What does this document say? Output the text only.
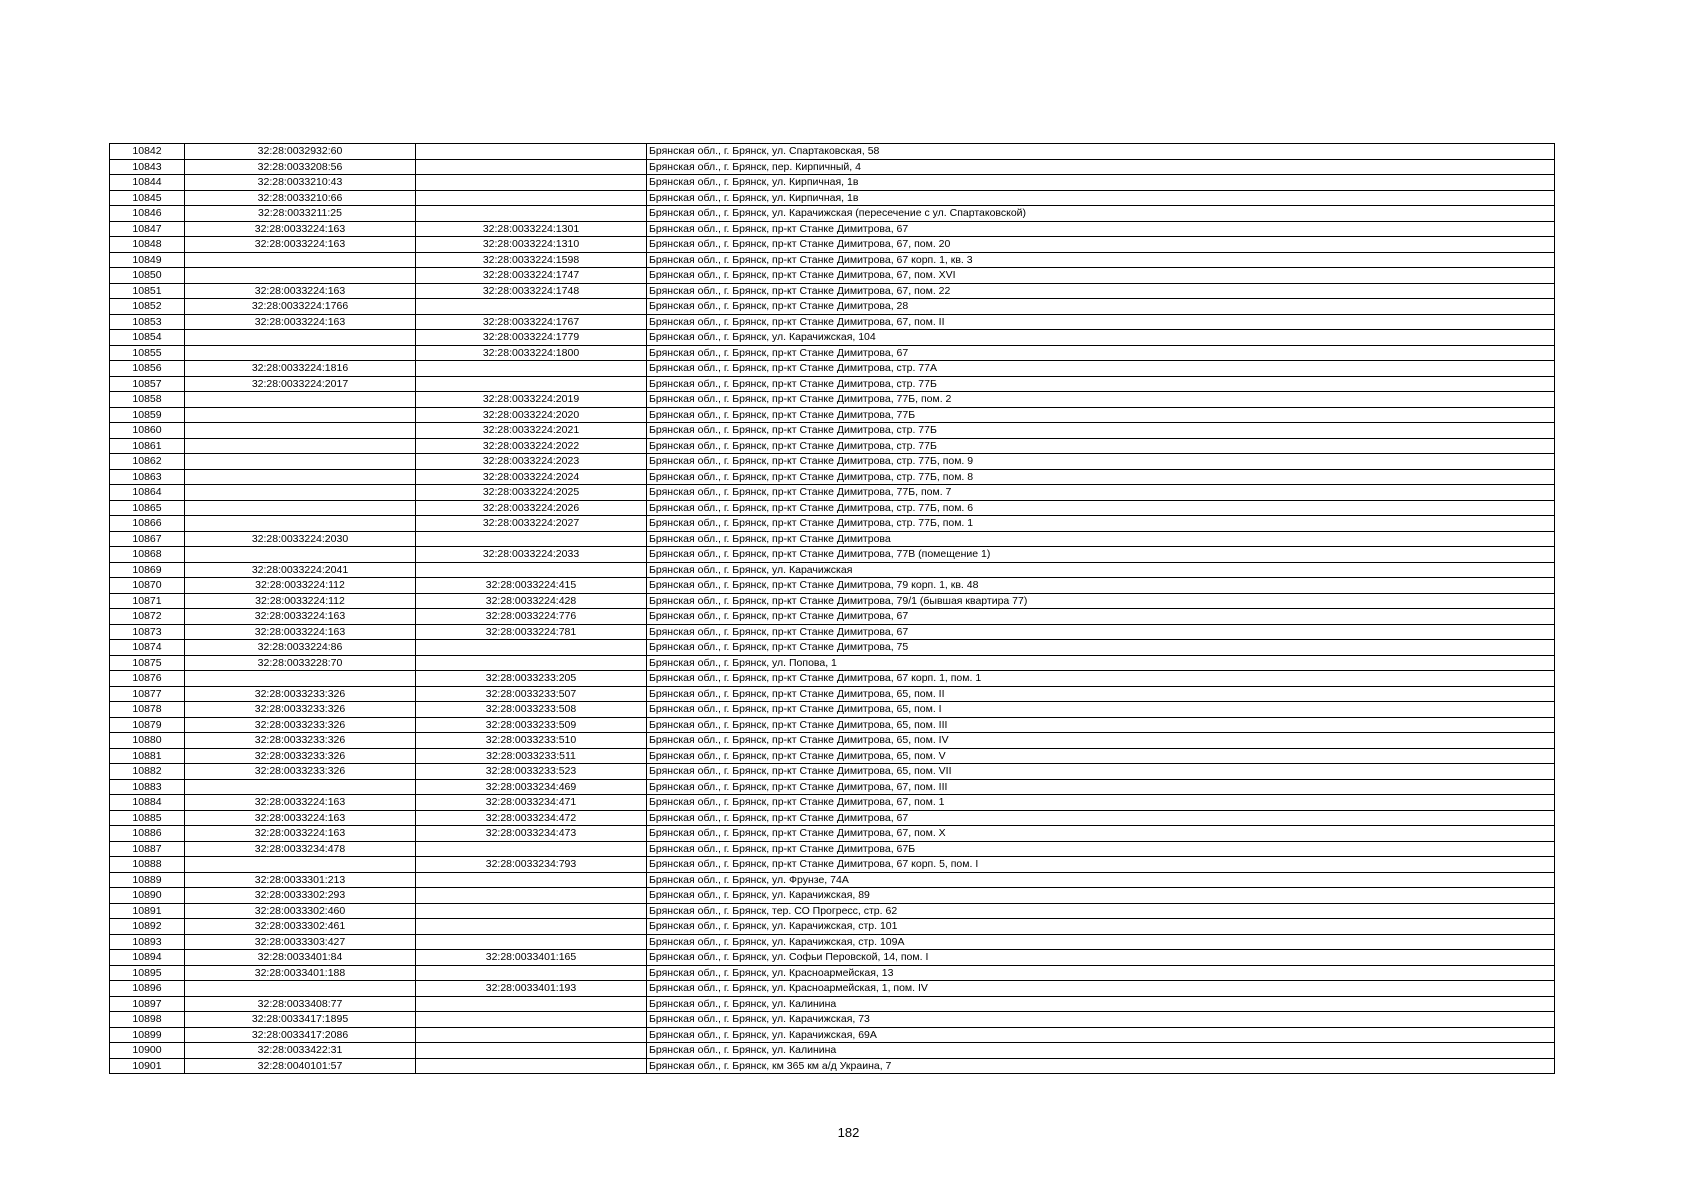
10842	32:28:0032932:60		Брянская обл., г. Брянск, ул. Спартаковская, 58
10843	32:28:0033208:56		Брянская обл., г. Брянск, пер. Кирпичный, 4
10844	32:28:0033210:43		Брянская обл., г. Брянск, ул. Кирпичная, 1в
10845	32:28:0033210:66		Брянская обл., г. Брянск, ул. Кирпичная, 1в
10846	32:28:0033211:25		Брянская обл., г. Брянск, ул. Карачижская (пересечение с ул. Спартаковской)
10847	32:28:0033224:163	32:28:0033224:1301	Брянская обл., г. Брянск, пр-кт Станке Димитрова, 67
10848	32:28:0033224:163	32:28:0033224:1310	Брянская обл., г. Брянск, пр-кт Станке Димитрова, 67, пом. 20
10849		32:28:0033224:1598	Брянская обл., г. Брянск, пр-кт Станке Димитрова, 67 корп. 1, кв. 3
10850		32:28:0033224:1747	Брянская обл., г. Брянск, пр-кт Станке Димитрова, 67, пом. XVI
10851	32:28:0033224:163	32:28:0033224:1748	Брянская обл., г. Брянск, пр-кт Станке Димитрова, 67, пом. 22
10852	32:28:0033224:1766		Брянская обл., г. Брянск, пр-кт Станке Димитрова, 28
10853	32:28:0033224:163	32:28:0033224:1767	Брянская обл., г. Брянск, пр-кт Станке Димитрова, 67, пом. II
10854		32:28:0033224:1779	Брянская обл., г. Брянск, ул. Карачижская, 104
10855		32:28:0033224:1800	Брянская обл., г. Брянск, пр-кт Станке Димитрова, 67
10856	32:28:0033224:1816		Брянская обл., г. Брянск, пр-кт Станке Димитрова, стр. 77А
10857	32:28:0033224:2017		Брянская обл., г. Брянск, пр-кт Станке Димитрова, стр. 77Б
10858		32:28:0033224:2019	Брянская обл., г. Брянск, пр-кт Станке Димитрова, 77Б, пом. 2
10859		32:28:0033224:2020	Брянская обл., г. Брянск, пр-кт Станке Димитрова, 77Б
10860		32:28:0033224:2021	Брянская обл., г. Брянск, пр-кт Станке Димитрова, стр. 77Б
10861		32:28:0033224:2022	Брянская обл., г. Брянск, пр-кт Станке Димитрова, стр. 77Б
10862		32:28:0033224:2023	Брянская обл., г. Брянск, пр-кт Станке Димитрова, стр. 77Б, пом. 9
10863		32:28:0033224:2024	Брянская обл., г. Брянск, пр-кт Станке Димитрова, стр. 77Б, пом. 8
10864		32:28:0033224:2025	Брянская обл., г. Брянск, пр-кт Станке Димитрова, 77Б, пом. 7
10865		32:28:0033224:2026	Брянская обл., г. Брянск, пр-кт Станке Димитрова, стр. 77Б, пом. 6
10866		32:28:0033224:2027	Брянская обл., г. Брянск, пр-кт Станке Димитрова, стр. 77Б, пом. 1
10867	32:28:0033224:2030		Брянская обл., г. Брянск, пр-кт Станке Димитрова
10868		32:28:0033224:2033	Брянская обл., г. Брянск, пр-кт Станке Димитрова, 77В (помещение 1)
10869	32:28:0033224:2041		Брянская обл., г. Брянск, ул. Карачижская
10870	32:28:0033224:112	32:28:0033224:415	Брянская обл., г. Брянск, пр-кт Станке Димитрова, 79 корп. 1, кв. 48
10871	32:28:0033224:112	32:28:0033224:428	Брянская обл., г. Брянск, пр-кт Станке Димитрова, 79/1 (бывшая квартира 77)
10872	32:28:0033224:163	32:28:0033224:776	Брянская обл., г. Брянск, пр-кт Станке Димитрова, 67
10873	32:28:0033224:163	32:28:0033224:781	Брянская обл., г. Брянск, пр-кт Станке Димитрова, 67
10874	32:28:0033224:86		Брянская обл., г. Брянск, пр-кт Станке Димитрова, 75
10875	32:28:0033228:70		Брянская обл., г. Брянск, ул. Попова, 1
10876		32:28:0033233:205	Брянская обл., г. Брянск, пр-кт Станке Димитрова, 67 корп. 1, пом. 1
10877	32:28:0033233:326	32:28:0033233:507	Брянская обл., г. Брянск, пр-кт Станке Димитрова, 65, пом. II
10878	32:28:0033233:326	32:28:0033233:508	Брянская обл., г. Брянск, пр-кт Станке Димитрова, 65, пом. I
10879	32:28:0033233:326	32:28:0033233:509	Брянская обл., г. Брянск, пр-кт Станке Димитрова, 65, пом. III
10880	32:28:0033233:326	32:28:0033233:510	Брянская обл., г. Брянск, пр-кт Станке Димитрова, 65, пом. IV
10881	32:28:0033233:326	32:28:0033233:511	Брянская обл., г. Брянск, пр-кт Станке Димитрова, 65, пом. V
10882	32:28:0033233:326	32:28:0033233:523	Брянская обл., г. Брянск, пр-кт Станке Димитрова, 65, пом. VII
10883		32:28:0033234:469	Брянская обл., г. Брянск, пр-кт Станке Димитрова, 67, пом. III
10884	32:28:0033224:163	32:28:0033234:471	Брянская обл., г. Брянск, пр-кт Станке Димитрова, 67, пом. 1
10885	32:28:0033224:163	32:28:0033234:472	Брянская обл., г. Брянск, пр-кт Станке Димитрова, 67
10886	32:28:0033224:163	32:28:0033234:473	Брянская обл., г. Брянск, пр-кт Станке Димитрова, 67, пом. X
10887	32:28:0033234:478		Брянская обл., г. Брянск, пр-кт Станке Димитрова, 67Б
10888		32:28:0033234:793	Брянская обл., г. Брянск, пр-кт Станке Димитрова, 67 корп. 5, пом. I
10889	32:28:0033301:213		Брянская обл., г. Брянск, ул. Фрунзе, 74А
10890	32:28:0033302:293		Брянская обл., г. Брянск, ул. Карачижская, 89
10891	32:28:0033302:460		Брянская обл., г. Брянск, тер. СО Прогресс, стр. 62
10892	32:28:0033302:461		Брянская обл., г. Брянск, ул. Карачижская, стр. 101
10893	32:28:0033303:427		Брянская обл., г. Брянск, ул. Карачижская, стр. 109А
10894	32:28:0033401:84	32:28:0033401:165	Брянская обл., г. Брянск, ул. Софьи Перовской, 14, пом. I
10895	32:28:0033401:188		Брянская обл., г. Брянск, ул. Красноармейская, 13
10896		32:28:0033401:193	Брянская обл., г. Брянск, ул. Красноармейская, 1, пом. IV
10897	32:28:0033408:77		Брянская обл., г. Брянск, ул. Калинина
10898	32:28:0033417:1895		Брянская обл., г. Брянск, ул. Карачижская, 73
10899	32:28:0033417:2086		Брянская обл., г. Брянск, ул. Карачижская, 69А
10900	32:28:0033422:31		Брянская обл., г. Брянск, ул. Калинина
10901	32:28:0040101:57		Брянская обл., г. Брянск, км 365 км а/д Украина, 7
182
